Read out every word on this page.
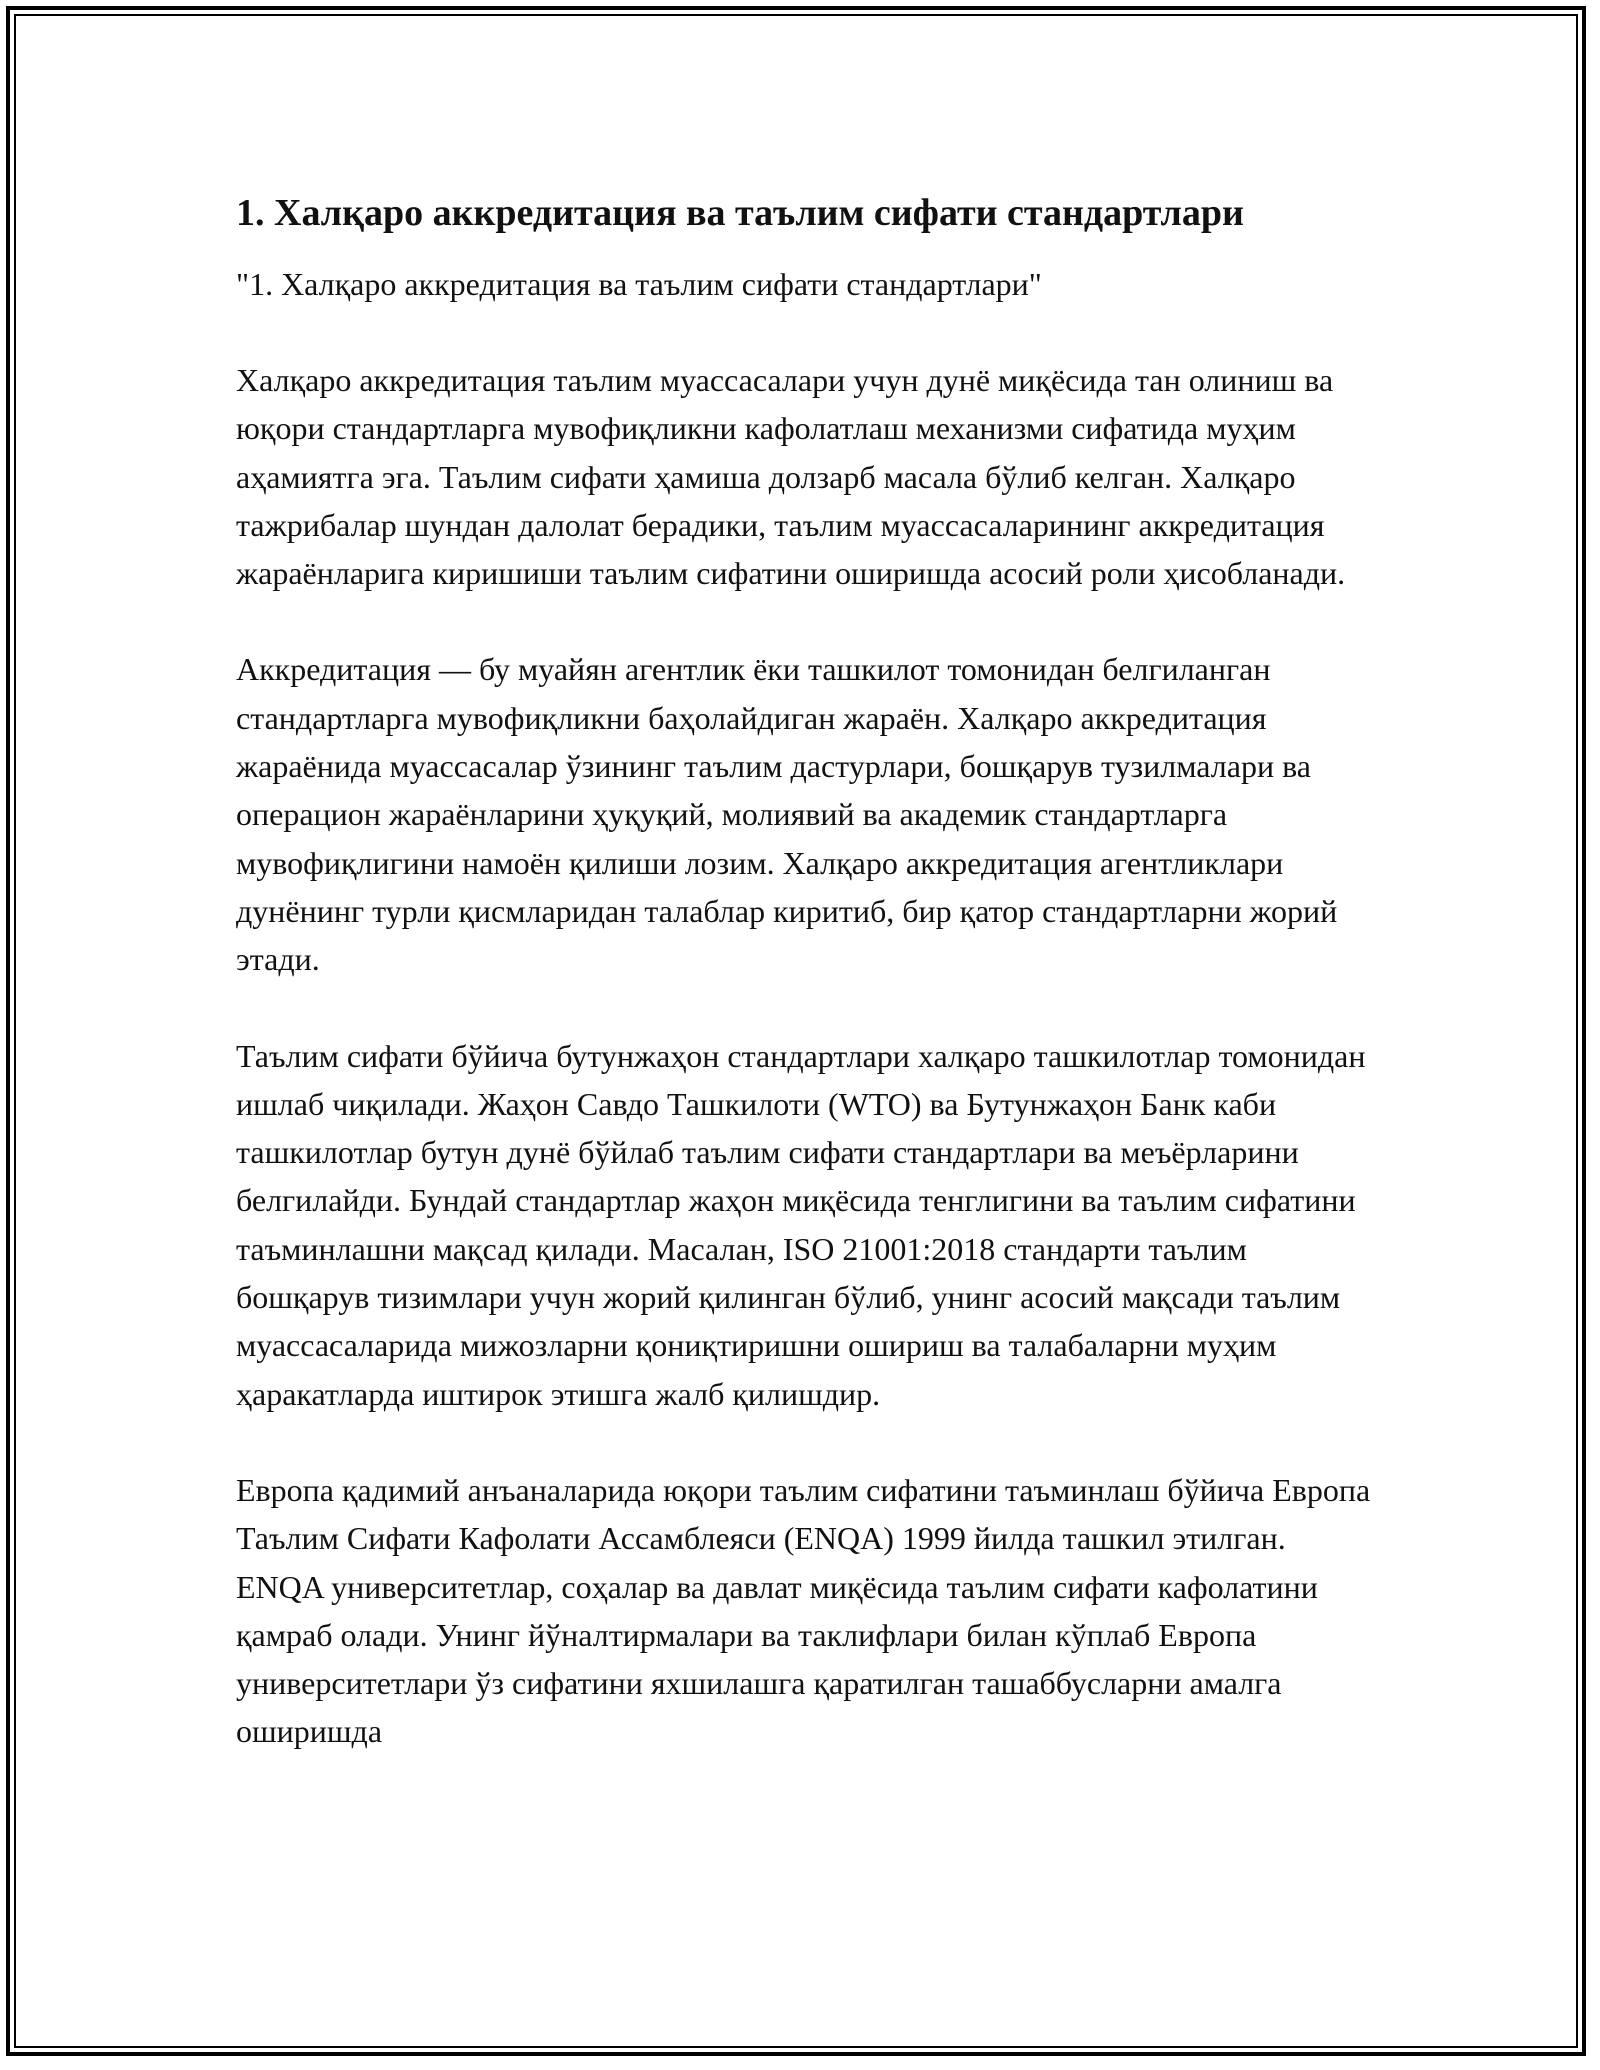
1. Халқаро аккредитация ва таълим сифати стандартлари

"1. Халқаро аккредитация ва таълим сифати стандартлари"

Халқаро аккредитация таълим муассасалари учун дунё миқёсида тан олиниш ва юқори стандартларга мувофиқликни кафолатлаш механизми сифатида муҳим аҳамиятга эга. Таълим сифати ҳамиша долзарб масала бўлиб келган. Халқаро тажрибалар шундан далолат берадики, таълим муассасаларининг аккредитация жараёнларига киришиши таълим сифатини оширишда асосий роли ҳисобланади.

Аккредитация — бу муайян агентлик ёки ташкилот томонидан белгиланган стандартларга мувофиқликни баҳолайдиган жараён. Халқаро аккредитация жараёнида муассасалар ўзининг таълим дастурлари, бошқарув тузилмалари ва операцион жараёнларини ҳуқуқий, молиявий ва академик стандартларга мувофиқлигини намоён қилиши лозим. Халқаро аккредитация агентликлари дунёнинг турли қисмларидан талаблар киритиб, бир қатор стандартларни жорий этади.

Таълим сифати бўйича бутунжаҳон стандартлари халқаро ташкилотлар томонидан ишлаб чиқилади. Жаҳон Савдо Ташкилоти (WTO) ва Бутунжаҳон Банк каби ташкилотлар бутун дунё бўйлаб таълим сифати стандартлари ва меъёрларини белгилайди. Бундай стандартлар жаҳон миқёсида тенглигини ва таълим сифатини таъминлашни мақсад қилади. Масалан, ISO 21001:2018 стандарти таълим бошқарув тизимлари учун жорий қилинган бўлиб, унинг асосий мақсади таълим муассасаларида мижозларни қониқтиришни ошириш ва талабаларни муҳим ҳаракатларда иштирок этишга жалб қилишдир.

Европа қадимий анъаналарида юқори таълим сифатини таъминлаш бўйича Европа Таълим Сифати Кафолати Ассамблеяси (ENQA) 1999 йилда ташкил этилган. ENQA университетлар, соҳалар ва давлат миқёсида таълим сифати кафолатини қамраб олади. Унинг йўналтирмалари ва таклифлари билан кўплаб Европа университетлари ўз сифатини яхшилашга қаратилган ташаббусларни амалга оширишда
